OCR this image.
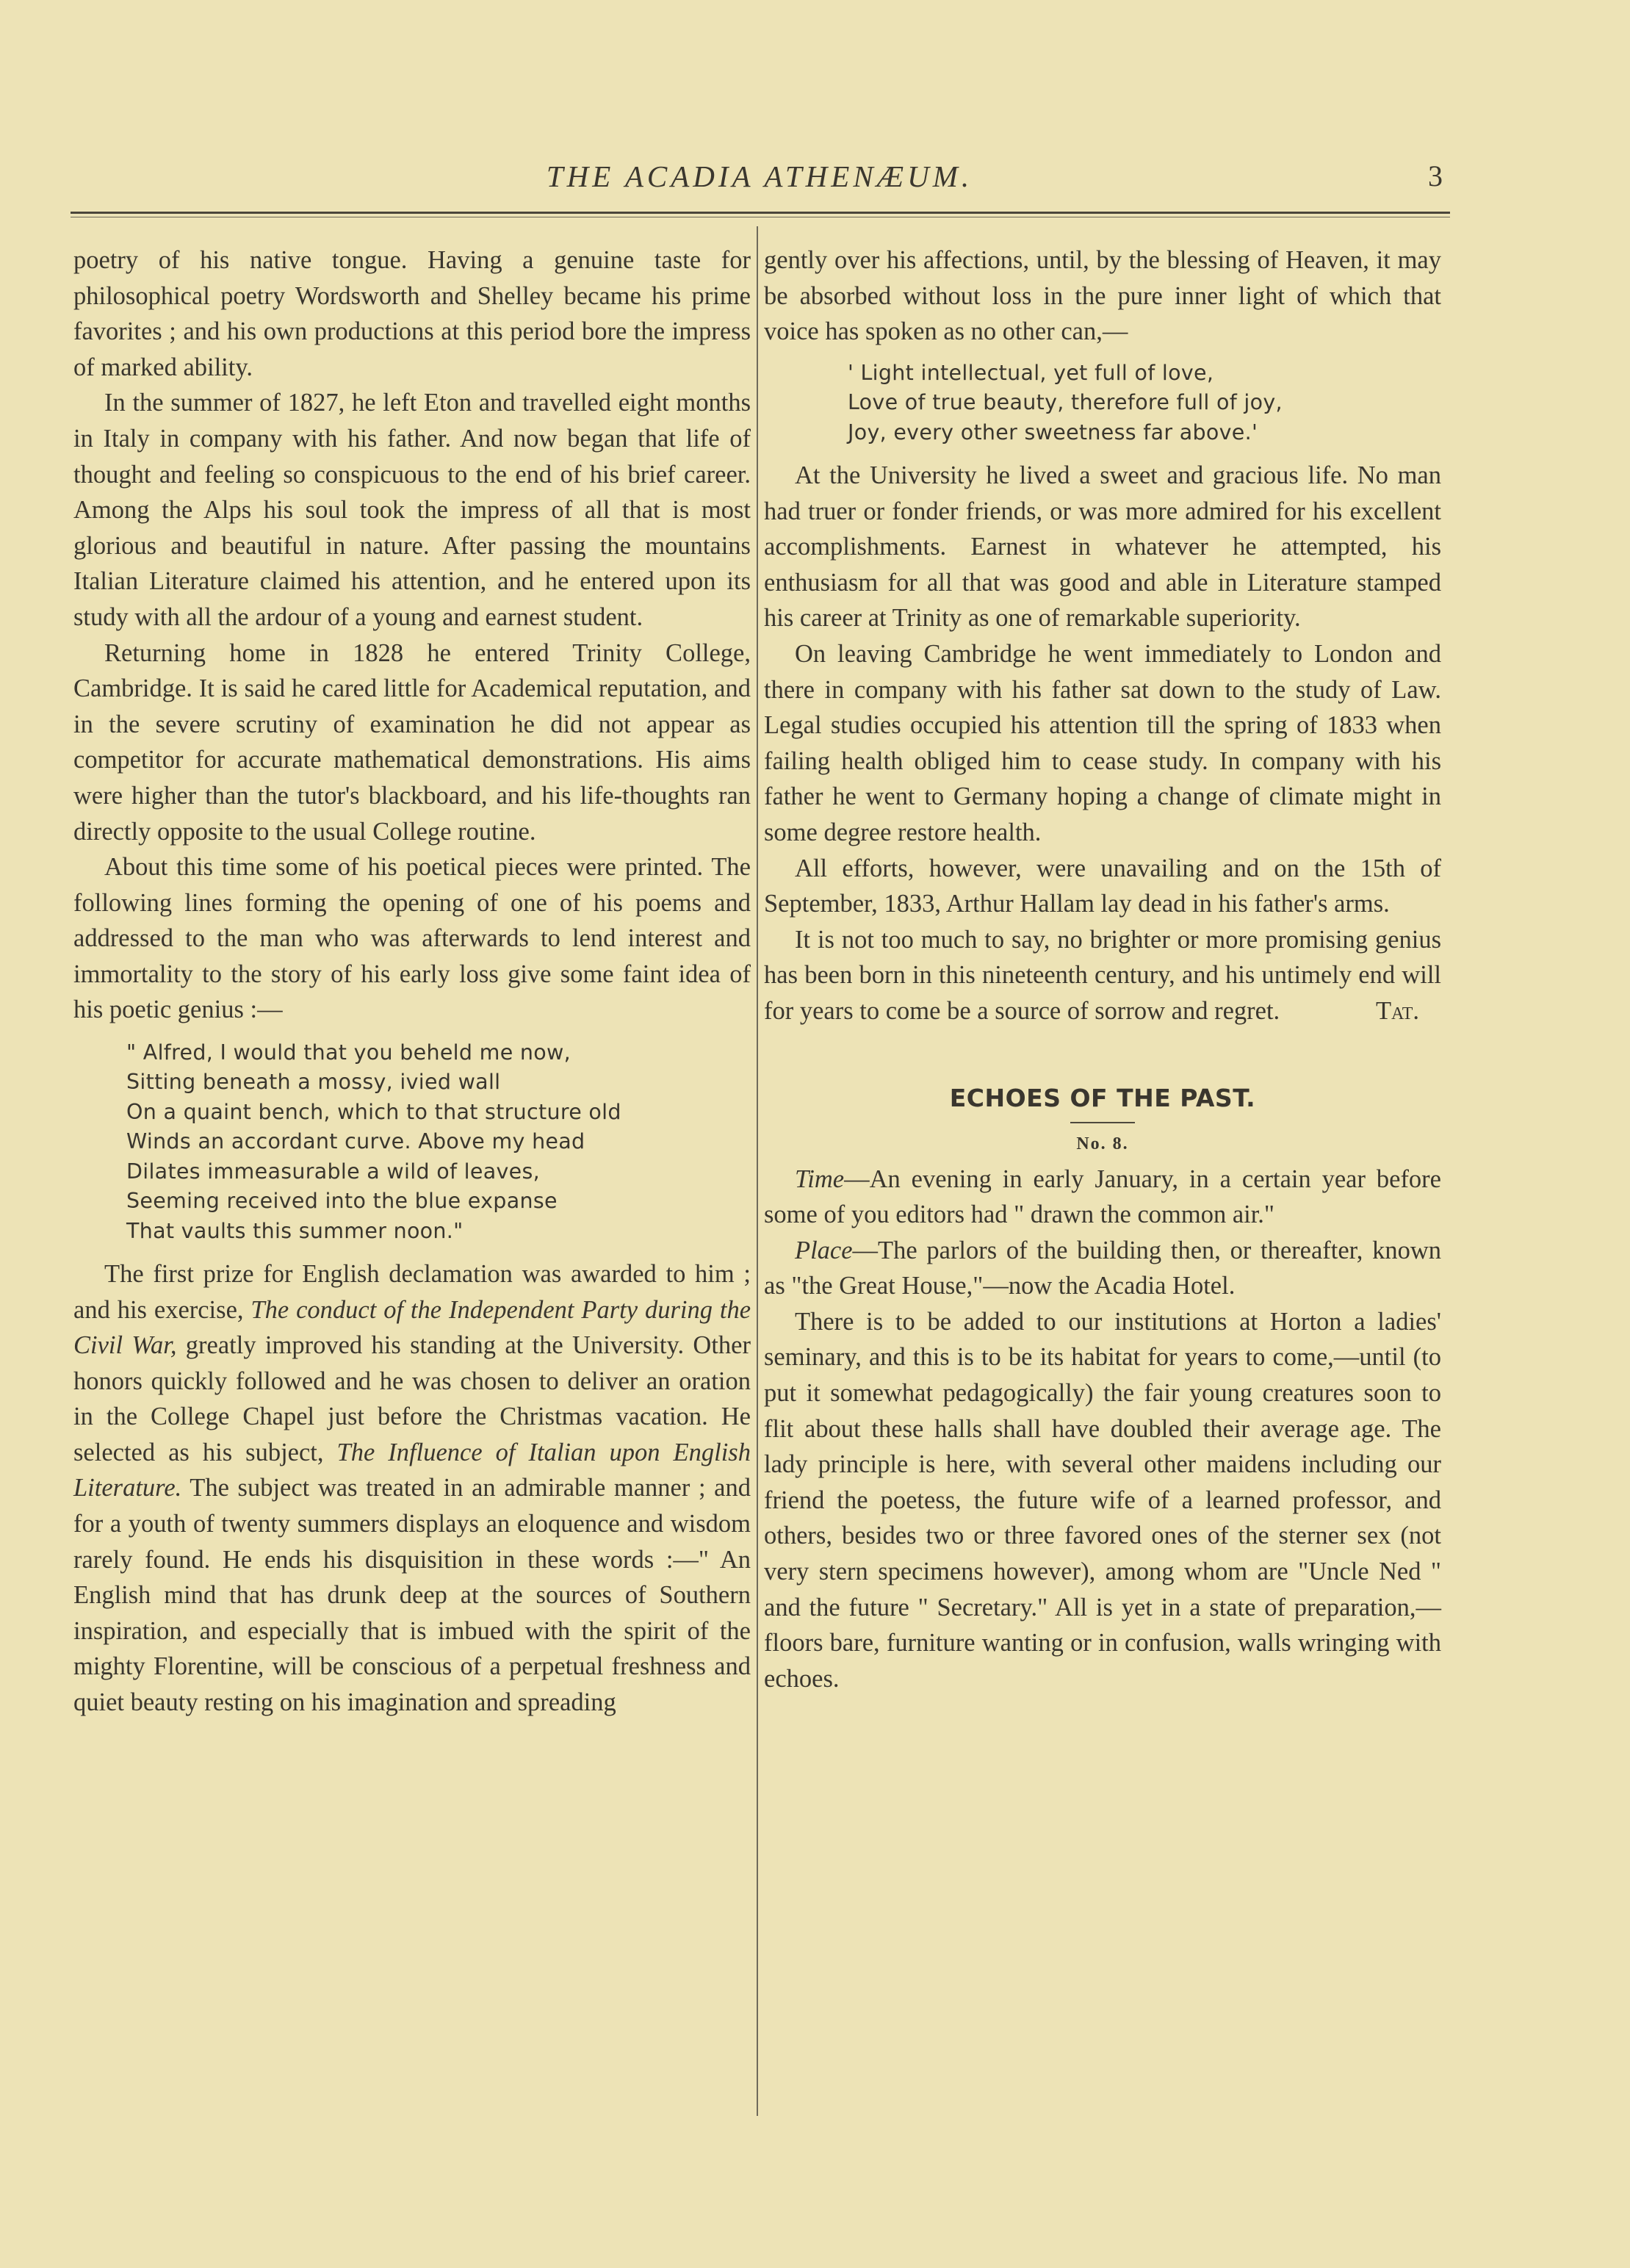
THE ACADIA ATHENÆUM.	3

poetry of his native tongue. Having a genuine taste for philosophical poetry Wordsworth and Shelley became his prime favorites ; and his own productions at this period bore the impress of marked ability.

In the summer of 1827, he left Eton and travelled eight months in Italy in company with his father. And now began that life of thought and feeling so conspicuous to the end of his brief career. Among the Alps his soul took the impress of all that is most glorious and beautiful in nature. After passing the mountains Italian Literature claimed his attention, and he entered upon its study with all the ardour of a young and earnest student.

Returning home in 1828 he entered Trinity College, Cambridge. It is said he cared little for Academical reputation, and in the severe scrutiny of examination he did not appear as competitor for accurate mathematical demonstrations. His aims were higher than the tutor's blackboard, and his life-thoughts ran directly opposite to the usual College routine.

About this time some of his poetical pieces were printed. The following lines forming the opening of one of his poems and addressed to the man who was afterwards to lend interest and immortality to the story of his early loss give some faint idea of his poetic genius :—

" Alfred, I would that you beheld me now,
Sitting beneath a mossy, ivied wall
On a quaint bench, which to that structure old
Winds an accordant curve. Above my head
Dilates immeasurable a wild of leaves,
Seeming received into the blue expanse
That vaults this summer noon."

The first prize for English declamation was awarded to him ; and his exercise, The conduct of the Independent Party during the Civil War, greatly improved his standing at the University. Other honors quickly followed and he was chosen to deliver an oration in the College Chapel just before the Christmas vacation. He selected as his subject, The Influence of Italian upon English Literature. The subject was treated in an admirable manner ; and for a youth of twenty summers displays an eloquence and wisdom rarely found. He ends his disquisition in these words :—" An English mind that has drunk deep at the sources of Southern inspiration, and especially that is imbued with the spirit of the mighty Florentine, will be conscious of a perpetual freshness and quiet beauty resting on his imagination and spreading

gently over his affections, until, by the blessing of Heaven, it may be absorbed without loss in the pure inner light of which that voice has spoken as no other can,—

' Light intellectual, yet full of love,
Love of true beauty, therefore full of joy,
Joy, every other sweetness far above.'

At the University he lived a sweet and gracious life. No man had truer or fonder friends, or was more admired for his excellent accomplishments. Earnest in whatever he attempted, his enthusiasm for all that was good and able in Literature stamped his career at Trinity as one of remarkable superiority.

On leaving Cambridge he went immediately to London and there in company with his father sat down to the study of Law. Legal studies occupied his attention till the spring of 1833 when failing health obliged him to cease study. In company with his father he went to Germany hoping a change of climate might in some degree restore health.

All efforts, however, were unavailing and on the 15th of September, 1833, Arthur Hallam lay dead in his father's arms.

It is not too much to say, no brighter or more promising genius has been born in this nineteenth century, and his untimely end will for years to come be a source of sorrow and regret.	Tat.

ECHOES OF THE PAST.
No. 8.

Time—An evening in early January, in a certain year before some of you editors had " drawn the common air."

Place—The parlors of the building then, or thereafter, known as "the Great House,"—now the Acadia Hotel.

There is to be added to our institutions at Horton a ladies' seminary, and this is to be its habitat for years to come,—until (to put it somewhat pedagogically) the fair young creatures soon to flit about these halls shall have doubled their average age. The lady principle is here, with several other maidens including our friend the poetess, the future wife of a learned professor, and others, besides two or three favored ones of the sterner sex (not very stern specimens however), among whom are "Uncle Ned " and the future " Secretary." All is yet in a state of preparation,—floors bare, furniture wanting or in confusion, walls wringing with echoes.
